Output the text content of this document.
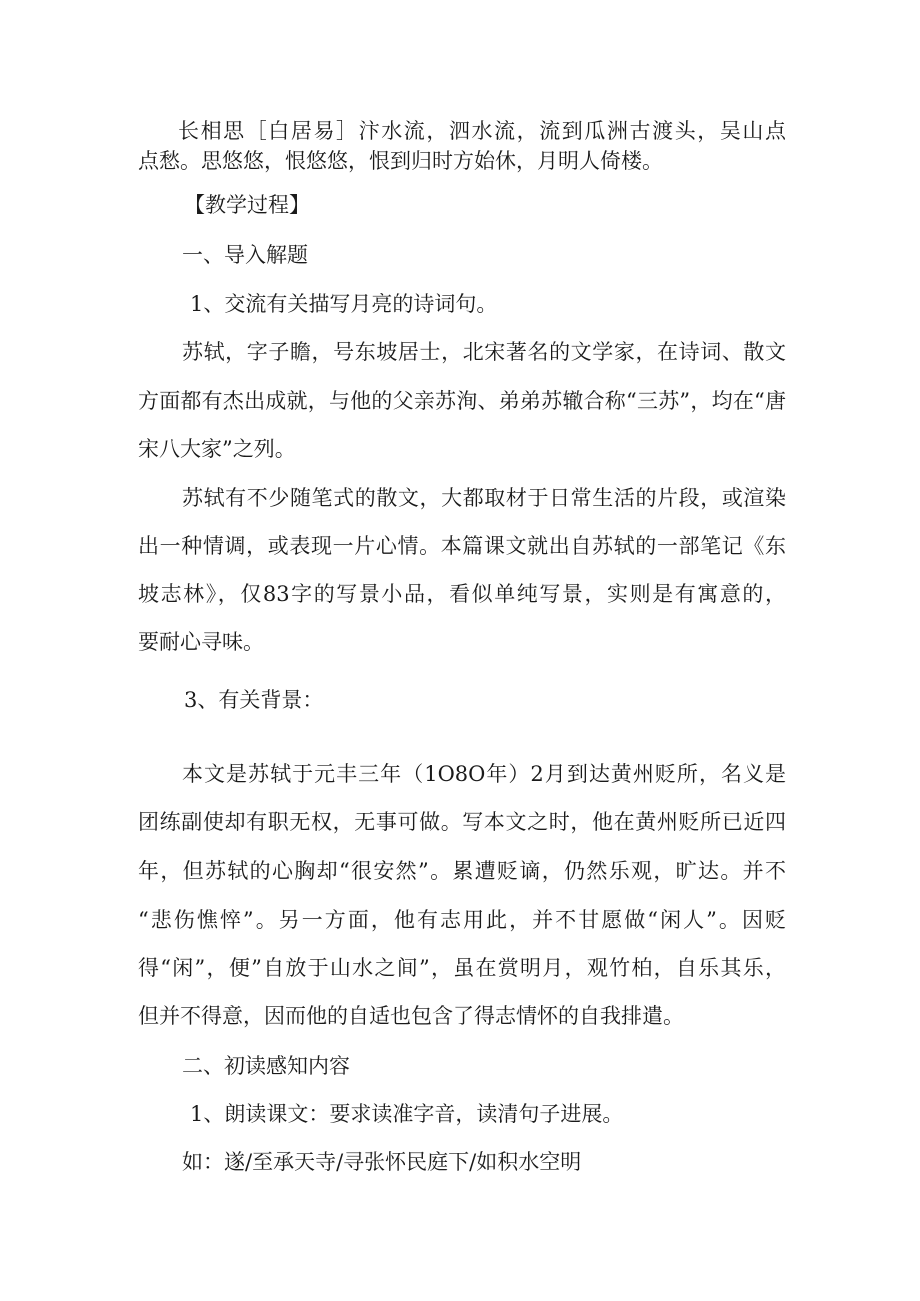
长相思［白居易］汴水流，泗水流，流到瓜洲古渡头，吴山点
点愁。思悠悠，恨悠悠，恨到归时方始休，月明人倚楼。
【教学过程】
一、导入解题
1、交流有关描写月亮的诗词句。
苏轼，字子瞻，号东坡居士，北宋著名的文学家，在诗词、散文
方面都有杰出成就，与他的父亲苏洵、弟弟苏辙合称“三苏”，均在“唐
宋八大家”之列。
苏轼有不少随笔式的散文，大都取材于日常生活的片段，或渲染
出一种情调，或表现一片心情。本篇课文就出自苏轼的一部笔记《东
坡志林》，仅83字的写景小品，看似单纯写景，实则是有寓意的，
要耐心寻味。
3、有关背景：
本文是苏轼于元丰三年（1O8O年）2月到达黄州贬所，名义是
团练副使却有职无权，无事可做。写本文之时，他在黄州贬所已近四
年，但苏轼的心胸却“很安然”。累遭贬谪，仍然乐观，旷达。并不
“悲伤憔悴”。另一方面，他有志用此，并不甘愿做“闲人”。因贬
得“闲”，便”自放于山水之间”，虽在赏明月，观竹柏，自乐其乐，
但并不得意，因而他的自适也包含了得志情怀的自我排遣。
二、初读感知内容
1、朗读课文：要求读准字音，读清句子进展。
如：遂/至承天寺/寻张怀民庭下/如积水空明
